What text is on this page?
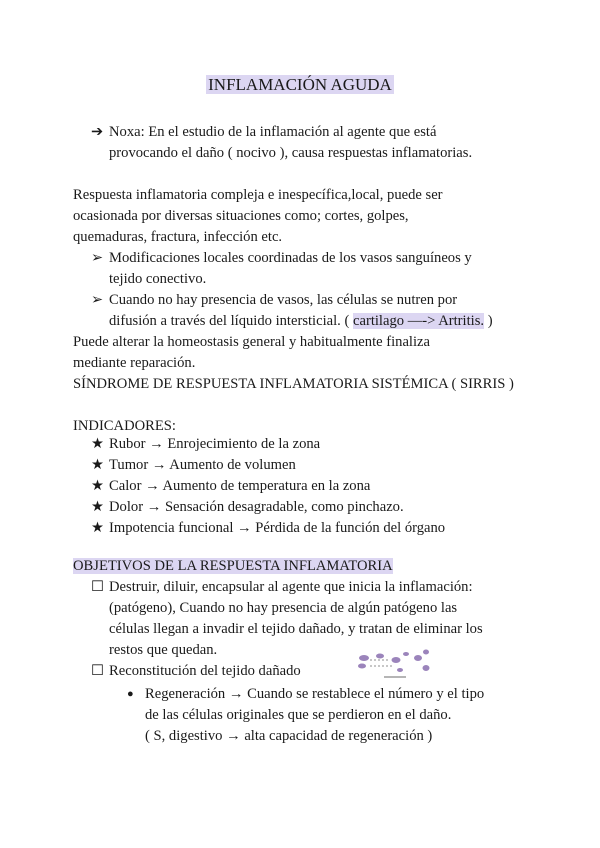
INFLAMACIÓN AGUDA
➔ Noxa: En el estudio de la inflamación al agente que está
provocando el daño ( nocivo ), causa respuestas inflamatorias.
Respuesta inflamatoria compleja e inespecífica,local, puede ser
ocasionada por diversas situaciones como; cortes, golpes,
quemaduras, fractura, infección etc.
➢ Modificaciones locales coordinadas de los vasos sanguíneos y
tejido conectivo.
➢ Cuando no hay presencia de vasos, las células se nutren por
difusión a través del líquido intersticial. ( cartilago —-> Artritis. )
Puede alterar la homeostasis general y habitualmente finaliza
mediante reparación.
SÍNDROME DE RESPUESTA INFLAMATORIA SISTÉMICA ( SIRRIS )
INDICADORES:
★ Rubor → Enrojecimiento de la zona
★ Tumor → Aumento de volumen
★ Calor → Aumento de temperatura en la zona
★ Dolor → Sensación desagradable, como pinchazo.
★ Impotencia funcional → Pérdida de la función del órgano
OBJETIVOS DE LA RESPUESTA INFLAMATORIA
☐ Destruir, diluir, encapsular al agente que inicia la inflamación:
(patógeno), Cuando no hay presencia de algún patógeno las
células llegan a invadir el tejido dañado, y tratan de eliminar los
restos que quedan.
☐ Reconstitución del tejido dañado
● Regeneración → Cuando se restablece el número y el tipo
de las células originales que se perdieron en el daño.
( S, digestivo → alta capacidad de regeneración )
